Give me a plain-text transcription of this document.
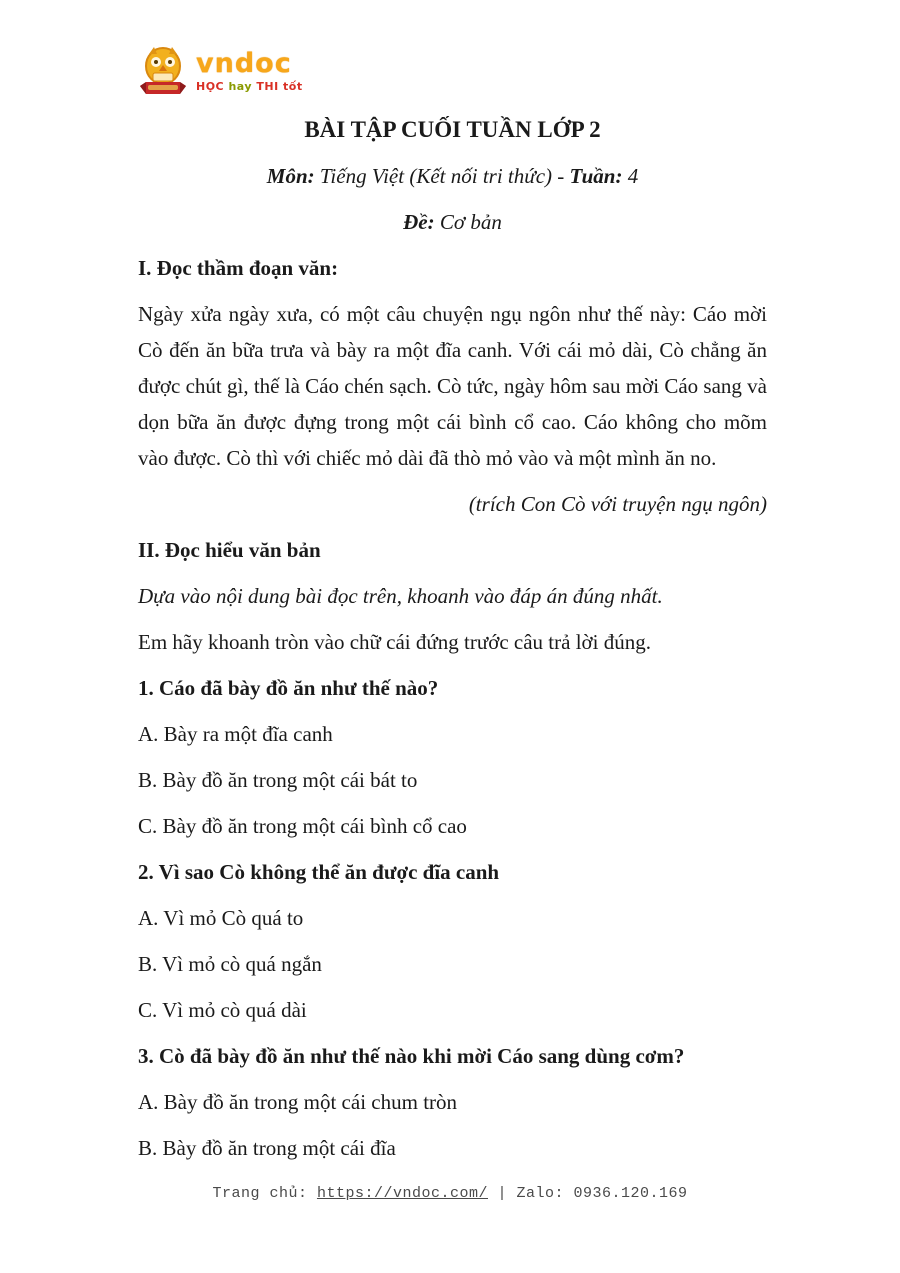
vndoc
HỌC hay THI tốt

BÀI TẬP CUỐI TUẦN LỚP 2

Môn: Tiếng Việt (Kết nối tri thức) - Tuần: 4

Đề: Cơ bản

I. Đọc thầm đoạn văn:

Ngày xửa ngày xưa, có một câu chuyện ngụ ngôn như thế này: Cáo mời Cò đến ăn bữa trưa và bày ra một đĩa canh. Với cái mỏ dài, Cò chẳng ăn được chút gì, thế là Cáo chén sạch. Cò tức, ngày hôm sau mời Cáo sang và dọn bữa ăn được đựng trong một cái bình cổ cao. Cáo không cho mõm vào được. Cò thì với chiếc mỏ dài đã thò mỏ vào và một mình ăn no.

(trích Con Cò với truyện ngụ ngôn)

II. Đọc hiểu văn bản

Dựa vào nội dung bài đọc trên, khoanh vào đáp án đúng nhất.

Em hãy khoanh tròn vào chữ cái đứng trước câu trả lời đúng.

1. Cáo đã bày đồ ăn như thế nào?

A. Bày ra một đĩa canh

B. Bày đồ ăn trong một cái bát to

C. Bày đồ ăn trong một cái bình cổ cao

2. Vì sao Cò không thể ăn được đĩa canh

A. Vì mỏ Cò quá to

B. Vì mỏ cò quá ngắn

C. Vì mỏ cò quá dài

3. Cò đã bày đồ ăn như thế nào khi mời Cáo sang dùng cơm?

A. Bày đồ ăn trong một cái chum tròn

B. Bày đồ ăn trong một cái đĩa

Trang chủ: https://vndoc.com/ | Zalo: 0936.120.169
